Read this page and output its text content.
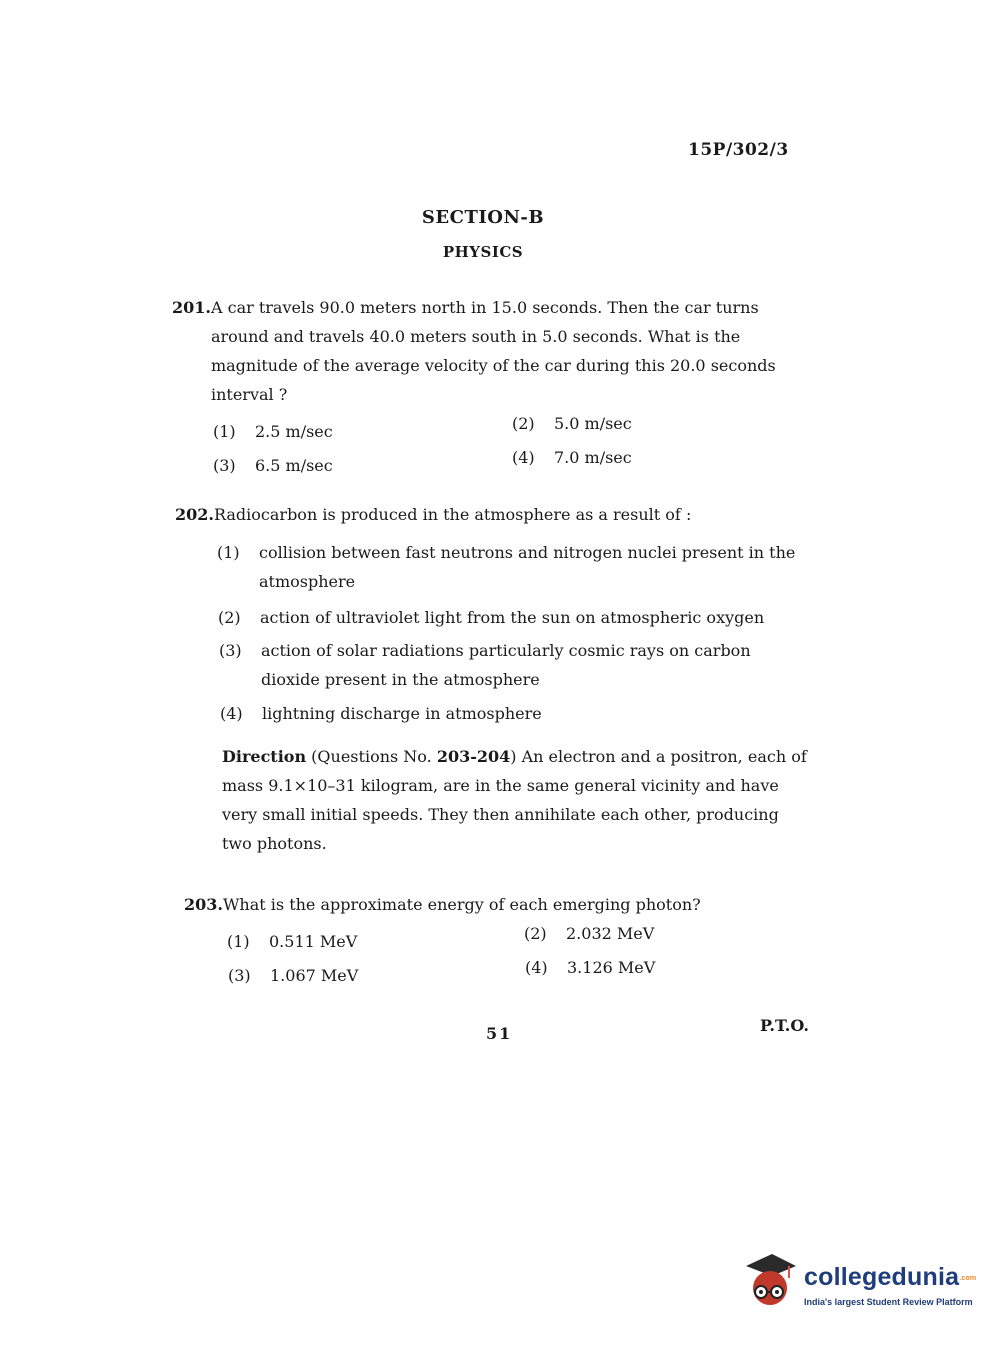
15P/302/3
SECTION-B
PHYSICS
201. A car travels 90.0 meters north in 15.0 seconds. Then the car turns around and travels 40.0 meters south in 5.0 seconds. What is the magnitude of the average velocity of the car during this 20.0 seconds interval ?
(1) 2.5 m/sec	(2) 5.0 m/sec
(3) 6.5 m/sec	(4) 7.0 m/sec
202.Radiocarbon is produced in the atmosphere as a result of :
(1)	collision between fast neutrons and nitrogen nuclei present in the atmosphere
(2)	action of ultraviolet light from the sun on atmospheric oxygen
(3)	action of solar radiations particularly cosmic rays on carbon dioxide present in the atmosphere
(4)	lightning discharge in atmosphere
Direction (Questions No. 203-204) An electron and a positron, each of mass 9.1×10–31 kilogram, are in the same general vicinity and have very small initial speeds. They then annihilate each other, producing two photons.
203.What is the approximate energy of each emerging photon?
(1) 0.511 MeV	(2) 2.032 MeV
(3) 1.067 MeV	(4) 3.126 MeV
51	P.T.O.
collegedunia.com
India's largest Student Review Platform
